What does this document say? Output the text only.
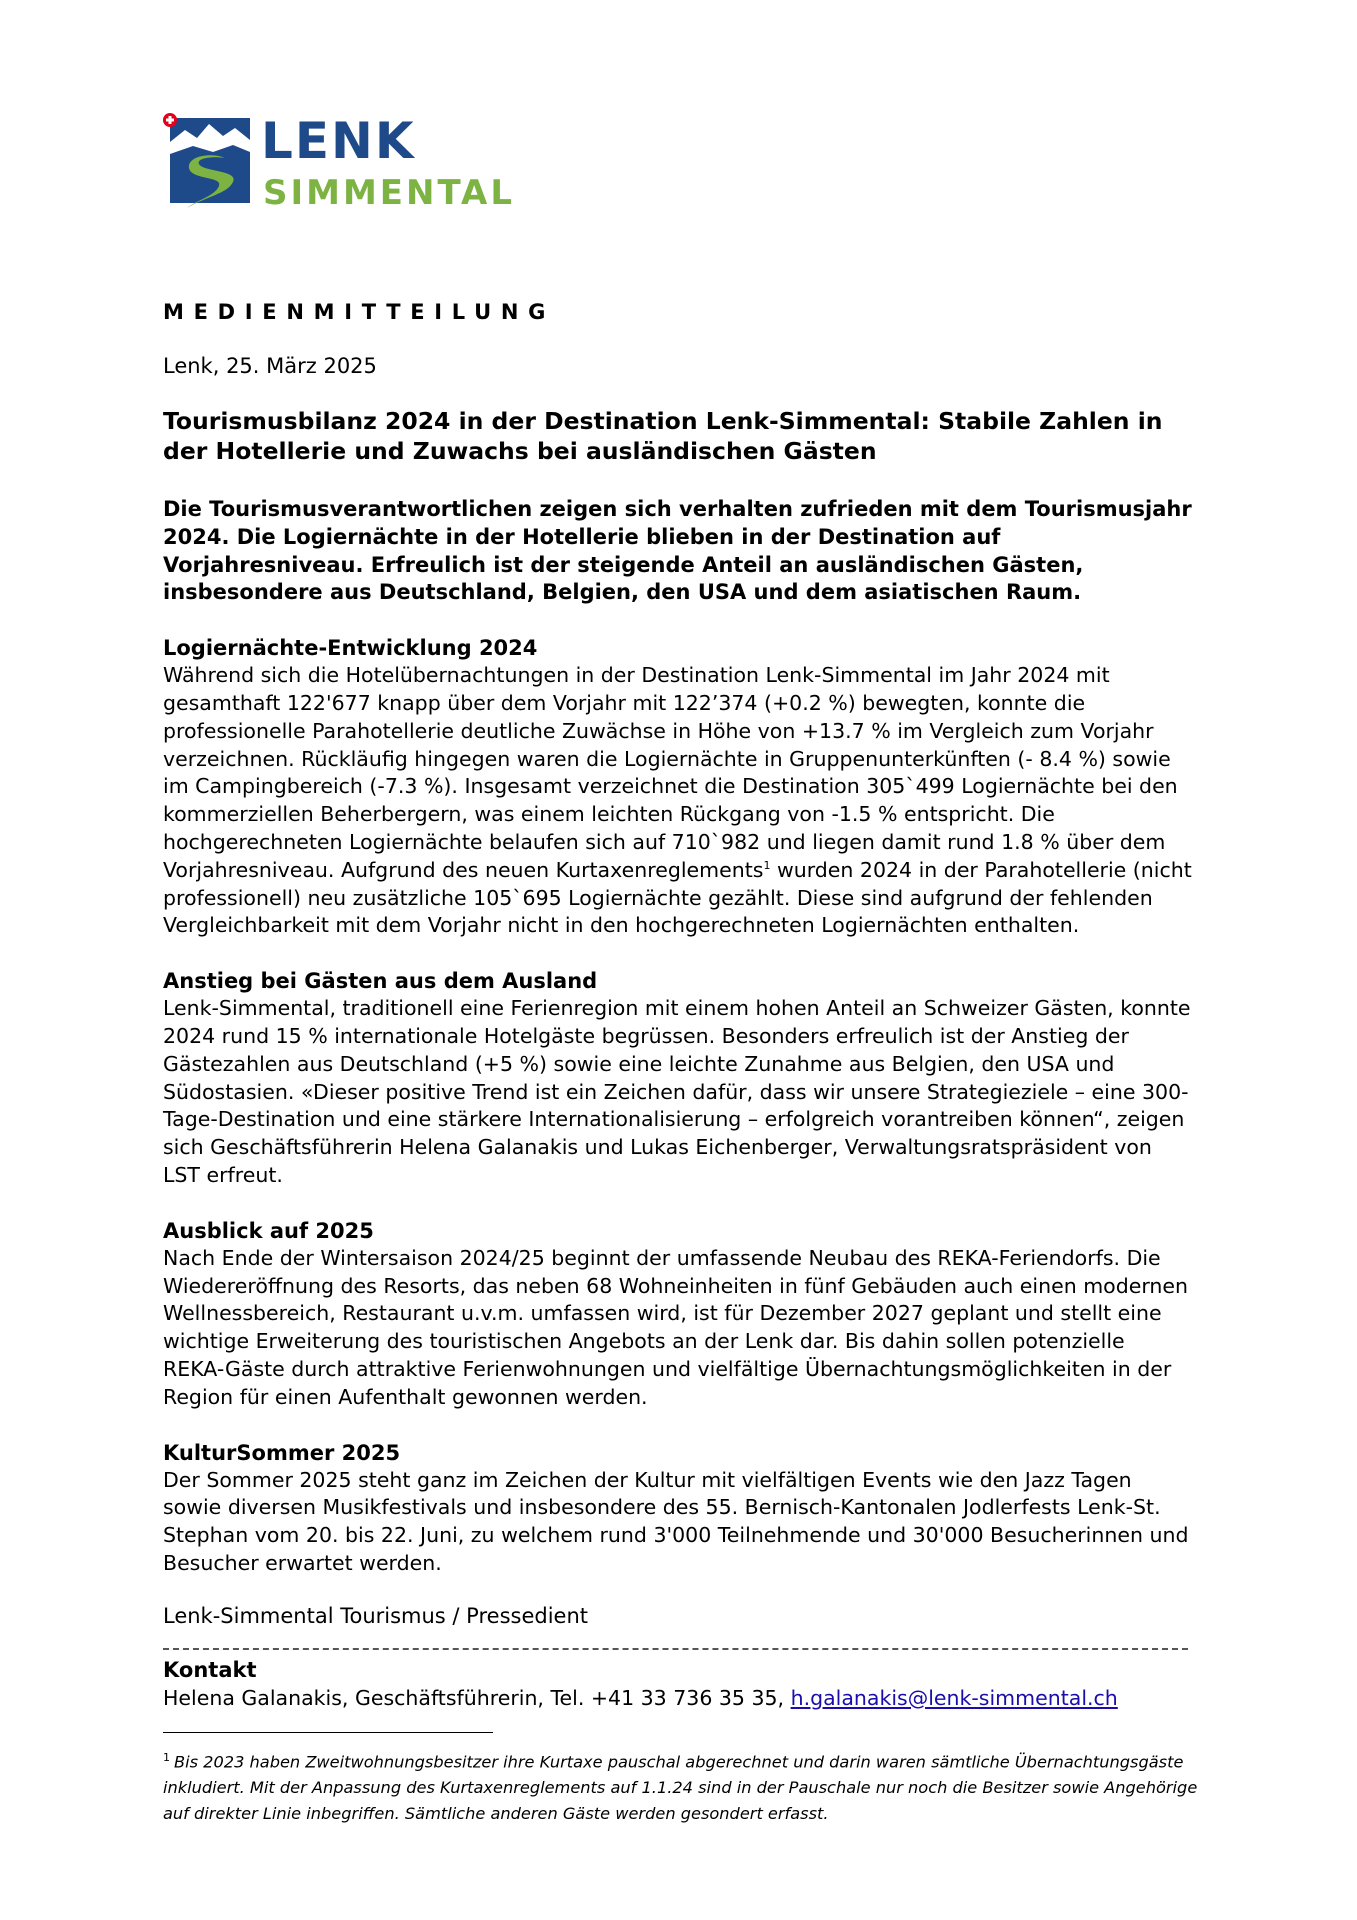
LENK
SIMMENTAL

MEDIENMITTEILUNG

Lenk, 25. März 2025

Tourismusbilanz 2024 in der Destination Lenk-Simmental: Stabile Zahlen in der Hotellerie und Zuwachs bei ausländischen Gästen

Die Tourismusverantwortlichen zeigen sich verhalten zufrieden mit dem Tourismusjahr 2024. Die Logiernächte in der Hotellerie blieben in der Destination auf Vorjahresniveau. Erfreulich ist der steigende Anteil an ausländischen Gästen, insbesondere aus Deutschland, Belgien, den USA und dem asiatischen Raum.

Logiernächte-Entwicklung 2024

Während sich die Hotelübernachtungen in der Destination Lenk-Simmental im Jahr 2024 mit gesamthaft 122'677 knapp über dem Vorjahr mit 122’374 (+0.2 %) bewegten, konnte die professionelle Parahotellerie deutliche Zuwächse in Höhe von +13.7 % im Vergleich zum Vorjahr verzeichnen. Rückläufig hingegen waren die Logiernächte in Gruppenunterkünften (- 8.4 %) sowie im Campingbereich (-7.3 %). Insgesamt verzeichnet die Destination 305`499 Logiernächte bei den kommerziellen Beherbergern, was einem leichten Rückgang von -1.5 % entspricht. Die hochgerechneten Logiernächte belaufen sich auf 710`982 und liegen damit rund 1.8 % über dem Vorjahresniveau. Aufgrund des neuen Kurtaxenreglements$^1$ wurden 2024 in der Parahotellerie (nicht professionell) neu zusätzliche 105`695 Logiernächte gezählt. Diese sind aufgrund der fehlenden Vergleichbarkeit mit dem Vorjahr nicht in den hochgerechneten Logiernächten enthalten.

Anstieg bei Gästen aus dem Ausland

Lenk-Simmental, traditionell eine Ferienregion mit einem hohen Anteil an Schweizer Gästen, konnte 2024 rund 15 % internationale Hotelgäste begrüssen. Besonders erfreulich ist der Anstieg der Gästezahlen aus Deutschland (+5 %) sowie eine leichte Zunahme aus Belgien, den USA und Südostasien. «Dieser positive Trend ist ein Zeichen dafür, dass wir unsere Strategieziele – eine 300-Tage-Destination und eine stärkere Internationalisierung – erfolgreich vorantreiben können“, zeigen sich Geschäftsführerin Helena Galanakis und Lukas Eichenberger, Verwaltungsratspräsident von LST erfreut.

Ausblick auf 2025

Nach Ende der Wintersaison 2024/25 beginnt der umfassende Neubau des REKA-Feriendorfs. Die Wiedereröffnung des Resorts, das neben 68 Wohneinheiten in fünf Gebäuden auch einen modernen Wellnessbereich, Restaurant u.v.m. umfassen wird, ist für Dezember 2027 geplant und stellt eine wichtige Erweiterung des touristischen Angebots an der Lenk dar. Bis dahin sollen potenzielle REKA-Gäste durch attraktive Ferienwohnungen und vielfältige Übernachtungsmöglichkeiten in der Region für einen Aufenthalt gewonnen werden.

KulturSommer 2025

Der Sommer 2025 steht ganz im Zeichen der Kultur mit vielfältigen Events wie den Jazz Tagen sowie diversen Musikfestivals und insbesondere des 55. Bernisch-Kantonalen Jodlerfests Lenk-St. Stephan vom 20. bis 22. Juni, zu welchem rund 3'000 Teilnehmende und 30'000 Besucherinnen und Besucher erwartet werden.

Lenk-Simmental Tourismus / Pressedient

Kontakt

Helena Galanakis, Geschäftsführerin, Tel. +41 33 736 35 35, h.galanakis@lenk-simmental.ch

$^1$ Bis 2023 haben Zweitwohnungsbesitzer ihre Kurtaxe pauschal abgerechnet und darin waren sämtliche Übernachtungsgäste inkludiert. Mit der Anpassung des Kurtaxenreglements auf 1.1.24 sind in der Pauschale nur noch die Besitzer sowie Angehörige auf direkter Linie inbegriffen. Sämtliche anderen Gäste werden gesondert erfasst.
